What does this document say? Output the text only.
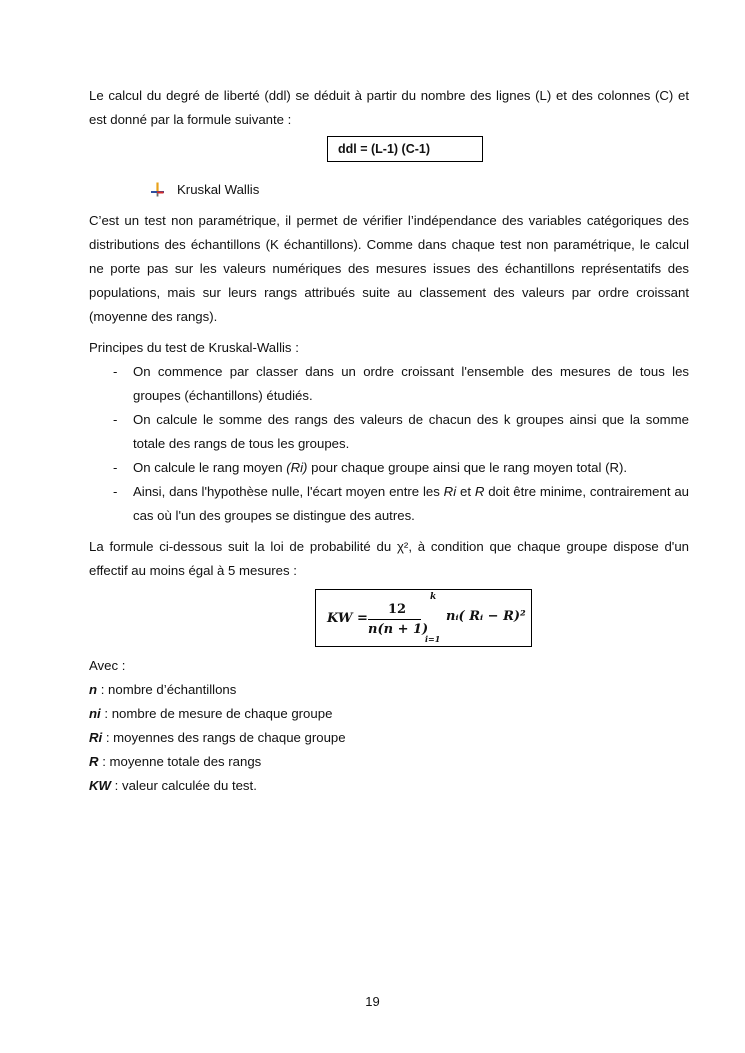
Le calcul du degré de liberté (ddl) se déduit à partir du nombre des lignes (L) et des colonnes (C) et est donné par la formule suivante :

ddl = (L-1) (C-1)
Kruskal Wallis

C’est un test non paramétrique, il permet de vérifier l’indépendance des variables catégoriques des distributions des échantillons (K échantillons). Comme dans chaque test non paramétrique, le calcul ne porte pas sur les valeurs numériques des mesures issues des échantillons représentatifs des populations, mais sur leurs rangs attribués suite au classement des valeurs par ordre croissant (moyenne des rangs).

Principes du test de Kruskal-Wallis :

- On commence par classer dans un ordre croissant l'ensemble des mesures de tous les groupes (échantillons) étudiés.
- On calcule le somme des rangs des valeurs de chacun des k groupes ainsi que la somme totale des rangs de tous les groupes.
- On calcule le rang moyen (Ri) pour chaque groupe ainsi que le rang moyen total (R).
- Ainsi, dans l'hypothèse nulle, l'écart moyen entre les Ri et R doit être minime, contrairement au cas où l'un des groupes se distingue des autres.

La formule ci-dessous suit la loi de probabilité du χ², à condition que chaque groupe dispose d'un effectif au moins égal à 5 mesures :

KW =
12
n(n + 1)
k
i=1
nᵢ( Rᵢ − R)²

Avec :

n : nombre d’échantillons

ni : nombre de mesure de chaque groupe

Ri : moyennes des rangs de chaque groupe

R : moyenne totale des rangs

KW : valeur calculée du test.

19
